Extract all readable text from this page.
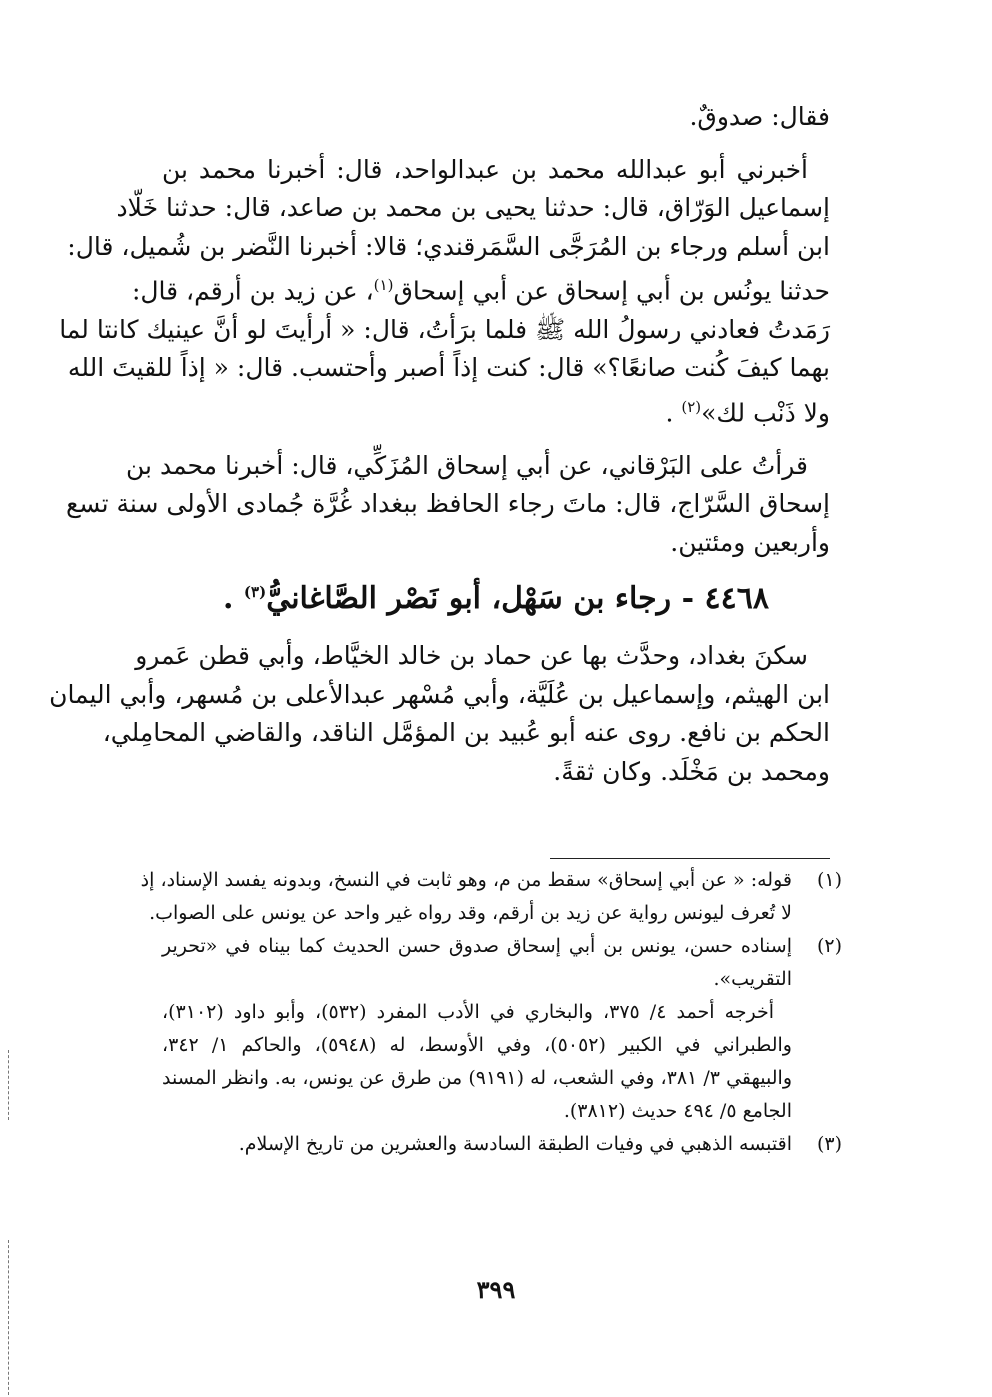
فقال: صدوقٌ.
أخبرني أبو عبدالله محمد بن عبدالواحد، قال: أخبرنا محمد بن
إسماعيل الوَرّاق، قال: حدثنا يحيى بن محمد بن صاعد، قال: حدثنا خَلّاد
ابن أسلم ورجاء بن المُرَجَّى السَّمَرقندي؛ قالا: أخبرنا النَّضر بن شُميل، قال:
حدثنا يونُس بن أبي إسحاق عن أبي إسحاق$^{(١)}$، عن زيد بن أرقم، قال:
رَمَدتُ فعادني رسولُ الله ﷺ فلما برَأتُ، قال: « أرأيتَ لو أنَّ عينيك كانتا لما
بهما كيفَ كُنت صانعًا؟» قال: كنت إذاً أصبر وأحتسب. قال: « إذاً للقيتَ الله
ولا ذَنْب لك»$^{(٢)}$ .
قرأتُ على البَرْقاني، عن أبي إسحاق المُزَكِّي، قال: أخبرنا محمد بن
إسحاق السَّرّاج، قال: ماتَ رجاء الحافظ ببغداد غُرَّة جُمادى الأولى سنة تسع
وأربعين ومئتين.
٤٤٦٨ - رجاء بن سَهْل، أبو نَصْر الصَّاغانيُّ$^{(٣)}$ .
سكنَ بغداد، وحدَّث بها عن حماد بن خالد الخيَّاط، وأبي قطن عَمرو
ابن الهيثم، وإسماعيل بن عُلَيَّة، وأبي مُسْهر عبدالأعلى بن مُسهر، وأبي اليمان
الحكم بن نافع. روى عنه أبو عُبيد بن المؤمَّل الناقد، والقاضي المحامِلي،
ومحمد بن مَخْلَد. وكان ثقةً.
(١)
قوله: « عن أبي إسحاق» سقط من م، وهو ثابت في النسخ، وبدونه يفسد الإسناد، إذ
لا تُعرف ليونس رواية عن زيد بن أرقم، وقد رواه غير واحد عن يونس على الصواب.
(٢)
إسناده حسن، يونس بن أبي إسحاق صدوق حسن الحديث كما بيناه في «تحرير
التقريب».
أخرجه أحمد ٤/ ٣٧٥، والبخاري في الأدب المفرد (٥٣٢)، وأبو داود (٣١٠٢)،
والطبراني في الكبير (٥٠٥٢)، وفي الأوسط، له (٥٩٤٨)، والحاكم ١/ ٣٤٢،
والبيهقي ٣/ ٣٨١، وفي الشعب، له (٩١٩١) من طرق عن يونس، به. وانظر المسند
الجامع ٥/ ٤٩٤ حديث (٣٨١٢).
(٣)
اقتبسه الذهبي في وفيات الطبقة السادسة والعشرين من تاريخ الإسلام.
٣٩٩
